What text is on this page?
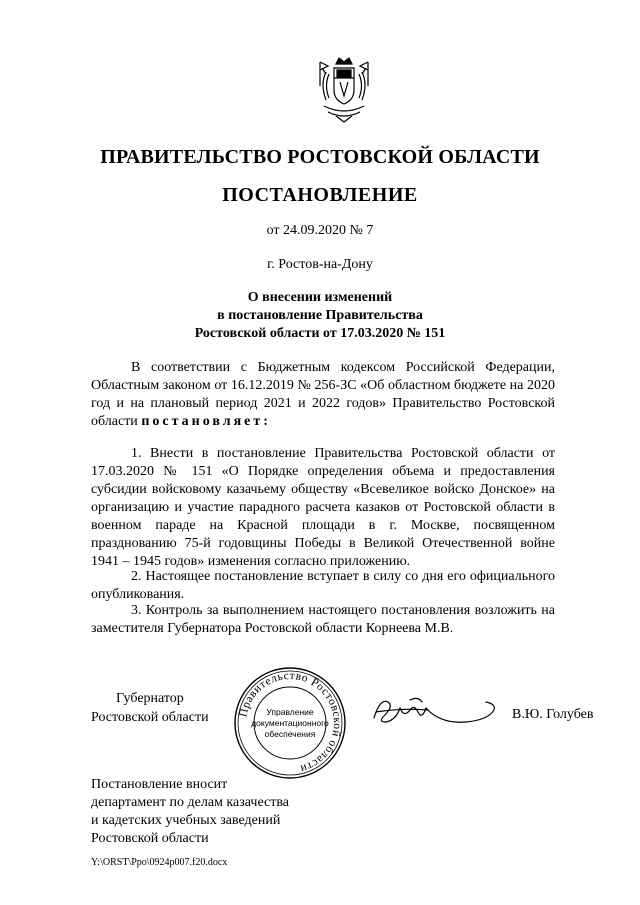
ПРАВИТЕЛЬСТВО РОСТОВСКОЙ ОБЛАСТИ
ПОСТАНОВЛЕНИЕ
от 24.09.2020 № 7
г. Ростов-на-Дону
О внесении изменений
в постановление Правительства
Ростовской области от 17.03.2020 № 151
В соответствии с Бюджетным кодексом Российской Федерации, Областным законом от 16.12.2019 № 256-ЗС «Об областном бюджете на 2020 год и на плановый период 2021 и 2022 годов» Правительство Ростовской области постановляет:
1. Внести в постановление Правительства Ростовской области от 17.03.2020 № 151 «О Порядке определения объема и предоставления субсидии войсковому казачьему обществу «Всевеликое войско Донское» на организацию и участие парадного расчета казаков от Ростовской области в военном параде на Красной площади в г. Москве, посвященном празднованию 75-й годовщины Победы в Великой Отечественной войне 1941 – 1945 годов» изменения согласно приложению.
2. Настоящее постановление вступает в силу со дня его официального опубликования.
3. Контроль за выполнением настоящего постановления возложить на заместителя Губернатора Ростовской области Корнеева М.В.
Губернатор
Ростовской области	Правительство Ростовской области
Управление
документационного
обеспечения
В.Ю. Голубев
Постановление вносит
департамент по делам казачества
и кадетских учебных заведений
Ростовской области
Y:\ORST\Ppo\0924p007.f20.docx
